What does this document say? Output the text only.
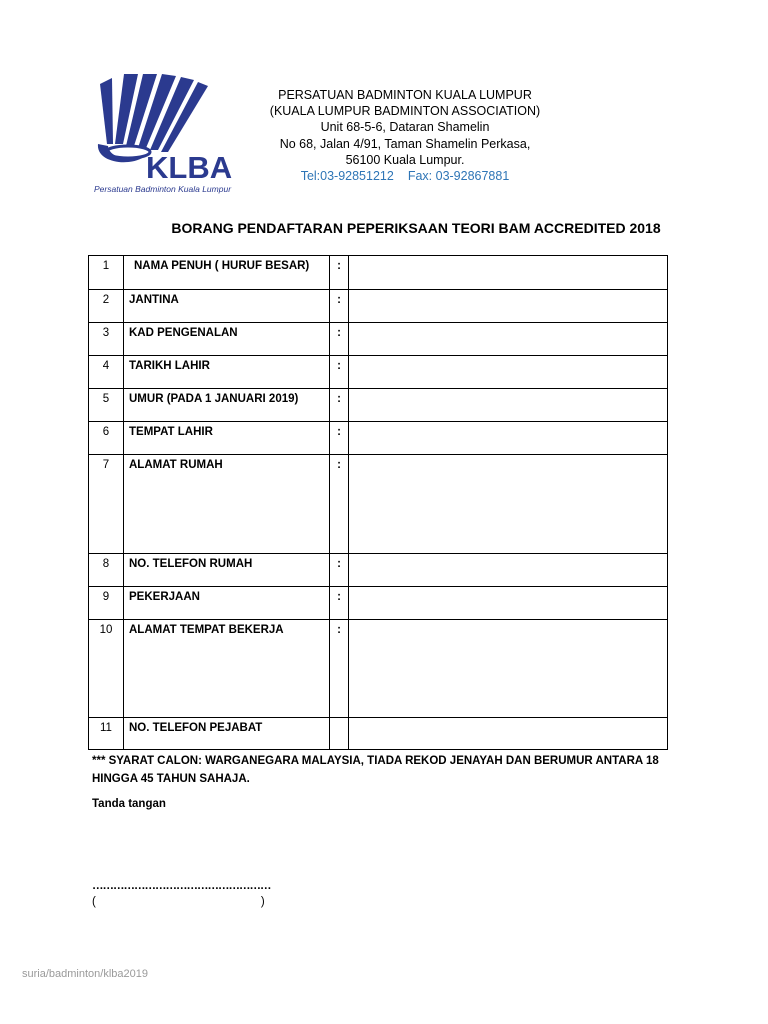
KLBA
Persatuan Badminton Kuala Lumpur
PERSATUAN BADMINTON KUALA LUMPUR
(KUALA LUMPUR BADMINTON ASSOCIATION)
Unit 68-5-6, Dataran Shamelin
No 68, Jalan 4/91, Taman Shamelin Perkasa,
56100 Kuala Lumpur.
Tel:03-92851212 Fax: 03-92867881
BORANG PENDAFTARAN PEPERIKSAAN TEORI BAM ACCREDITED 2018
1	NAMA PENUH ( HURUF BESAR)	:	
2	JANTINA	:	
3	KAD PENGENALAN	:	
4	TARIKH LAHIR	:	
5	UMUR (PADA 1 JANUARI 2019)	:	
6	TEMPAT LAHIR	:	
7	ALAMAT RUMAH	:	
8	NO. TELEFON RUMAH	:	
9	PEKERJAAN	:	
10	ALAMAT TEMPAT BEKERJA	:	
11	NO. TELEFON PEJABAT		
*** SYARAT CALON: WARGANEGARA MALAYSIA, TIADA REKOD JENAYAH DAN BERUMUR ANTARA 18 HINGGA 45 TAHUN SAHAJA.
Tanda tangan
……………………………………………
(	)
suria/badminton/klba2019
